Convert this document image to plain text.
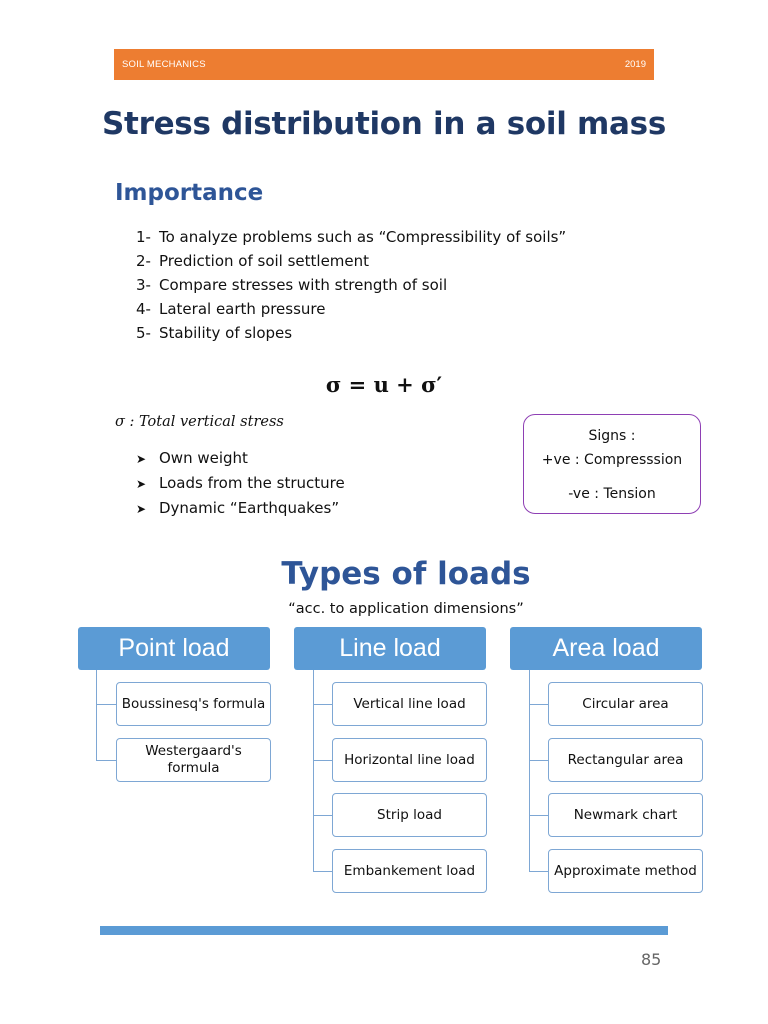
SOIL MECHANICS	2019
Stress distribution in a soil mass
Importance
1- To analyze problems such as “Compressibility of soils”
2- Prediction of soil settlement
3- Compare stresses with strength of soil
4- Lateral earth pressure
5- Stability of slopes
σ = u + σ′
σ : Total vertical stress
➤ Own weight
➤ Loads from the structure
➤ Dynamic “Earthquakes”
Signs :
+ve : Compresssion
-ve : Tension
Types of loads
“acc. to application dimensions”
Point load
Boussinesq's formula
Westergaard's formula
Line load
Vertical line load
Horizontal line load
Strip load
Embankement load
Area load
Circular area
Rectangular area
Newmark chart
Approximate method
85
